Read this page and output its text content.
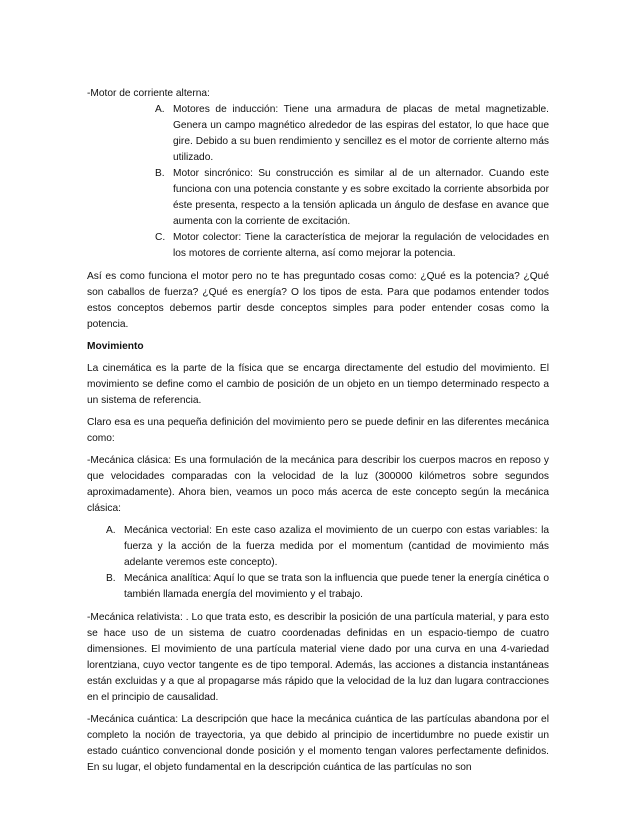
-Motor de corriente alterna:

A. Motores de inducción: Tiene una armadura de placas de metal magnetizable. Genera un campo magnético alrededor de las espiras del estator, lo que hace que gire. Debido a su buen rendimiento y sencillez es el motor de corriente alterno más utilizado.
B. Motor sincrónico: Su construcción es similar al de un alternador. Cuando este funciona con una potencia constante y es sobre excitado la corriente absorbida por éste presenta, respecto a la tensión aplicada un ángulo de desfase en avance que aumenta con la corriente de excitación.
C. Motor colector: Tiene la característica de mejorar la regulación de velocidades en los motores de corriente alterna, así como mejorar la potencia.

Así es como funciona el motor pero no te has preguntado cosas como: ¿Qué es la potencia? ¿Qué son caballos de fuerza? ¿Qué es energía? O los tipos de esta. Para que podamos entender todos estos conceptos debemos partir desde conceptos simples para poder entender cosas como la potencia.

Movimiento

La cinemática es la parte de la física que se encarga directamente del estudio del movimiento. El movimiento se define como el cambio de posición de un objeto en un tiempo determinado respecto a un sistema de referencia.

Claro esa es una pequeña definición del movimiento pero se puede definir en las diferentes mecánica como:

-Mecánica clásica: Es una formulación de la mecánica para describir los cuerpos macros en reposo y que velocidades comparadas con la velocidad de la luz (300000 kilómetros sobre segundos aproximadamente). Ahora bien, veamos un poco más acerca de este concepto según la mecánica clásica:

A. Mecánica vectorial: En este caso azaliza el movimiento de un cuerpo con estas variables: la fuerza y la acción de la fuerza medida por el momentum (cantidad de movimiento más adelante veremos este concepto).
B. Mecánica analítica: Aquí lo que se trata son la influencia que puede tener la energía cinética o también llamada energía del movimiento y el trabajo.

-Mecánica relativista: . Lo que trata esto, es describir la posición de una partícula material, y para esto se hace uso de un sistema de cuatro coordenadas definidas en un espacio-tiempo de cuatro dimensiones. El movimiento de una partícula material viene dado por una curva en una 4-variedad lorentziana, cuyo vector tangente es de tipo temporal. Además, las acciones a distancia instantáneas están excluidas y a que al propagarse más rápido que la velocidad de la luz dan lugara contracciones en el principio de causalidad.

-Mecánica cuántica: La descripción que hace la mecánica cuántica de las partículas abandona por el completo la noción de trayectoria, ya que debido al principio de incertidumbre no puede existir un estado cuántico convencional donde posición y el momento tengan valores perfectamente definidos. En su lugar, el objeto fundamental en la descripción cuántica de las partículas no son
